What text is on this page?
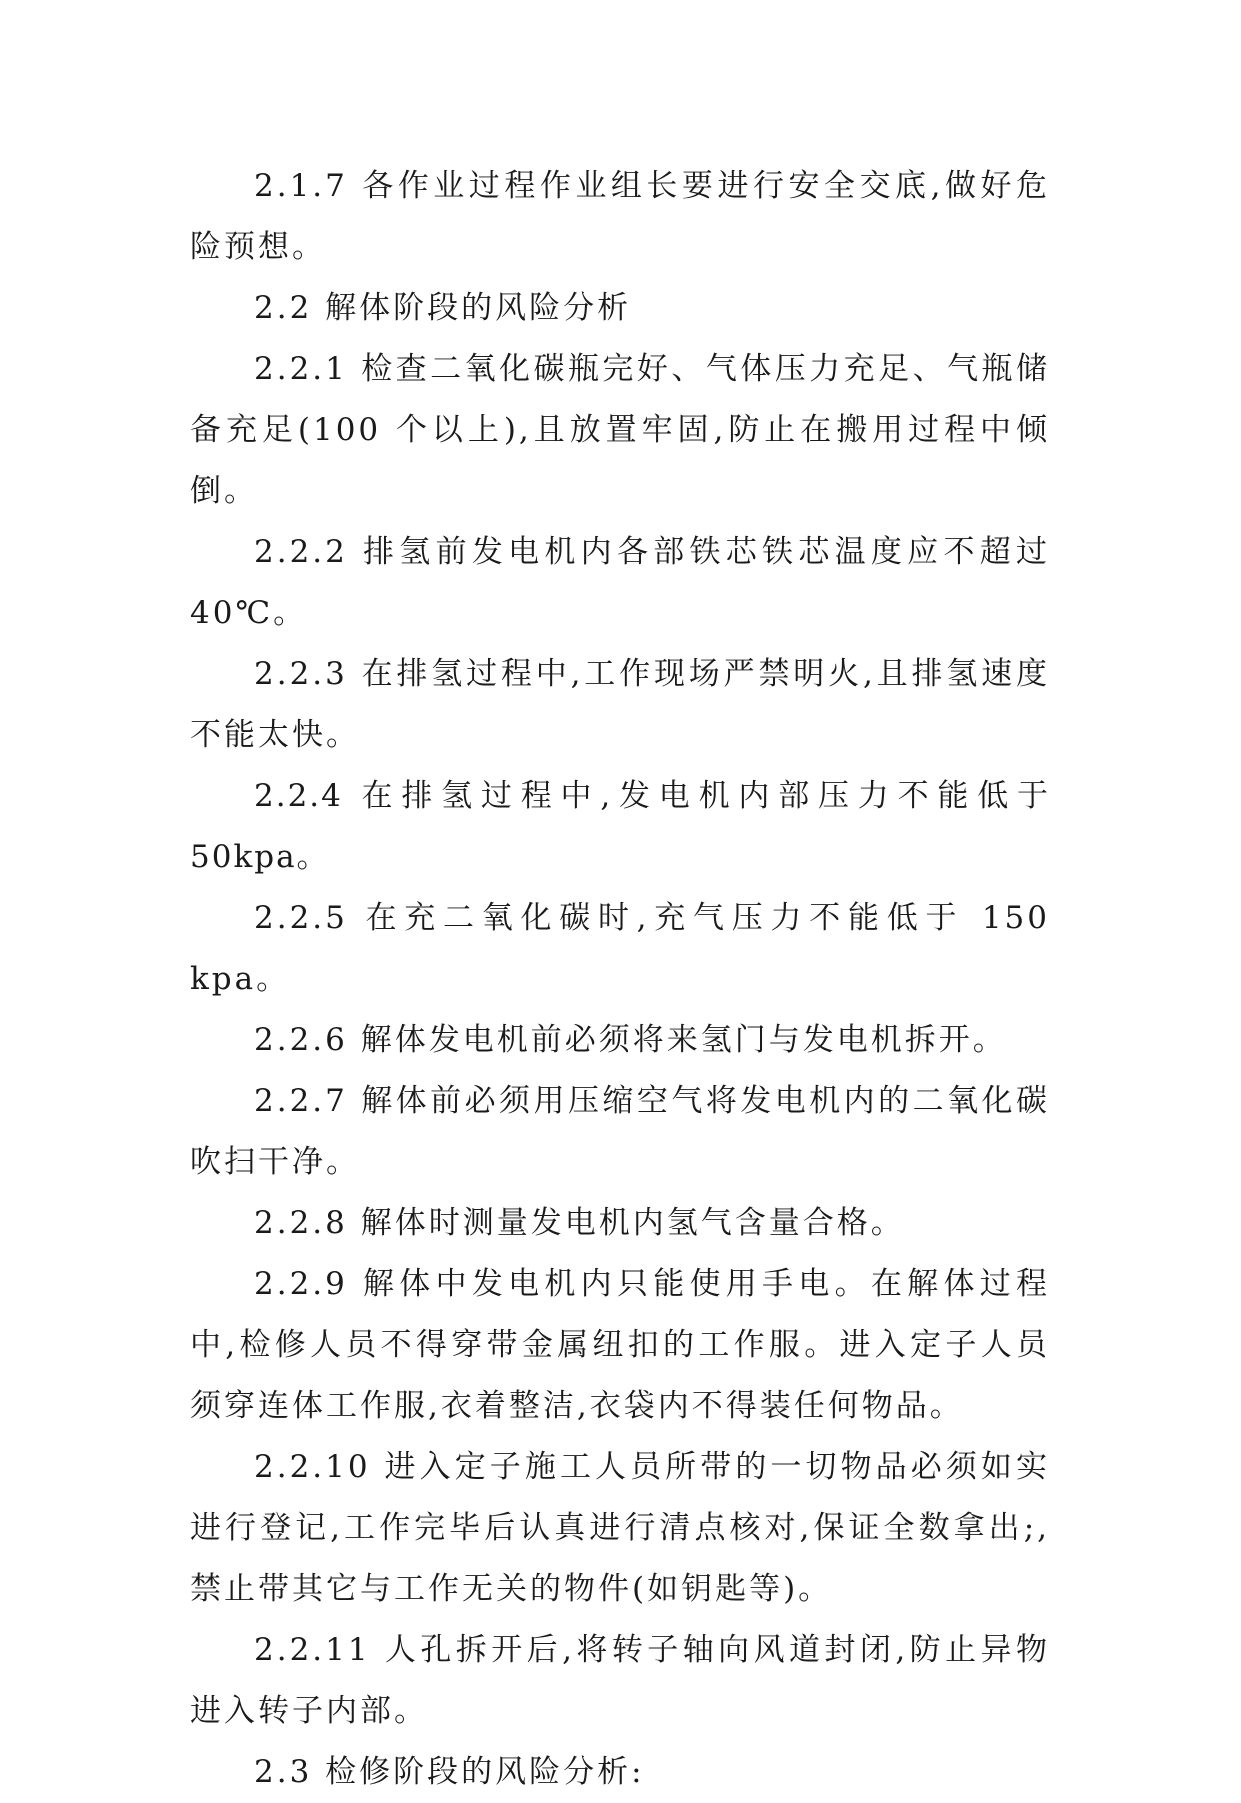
2.1.7 各作业过程作业组长要进行安全交底,做好危险预想。

2.2 解体阶段的风险分析

2.2.1 检查二氧化碳瓶完好、气体压力充足、气瓶储备充足(100 个以上),且放置牢固,防止在搬用过程中倾倒。

2.2.2 排氢前发电机内各部铁芯铁芯温度应不超过40℃。

2.2.3 在排氢过程中,工作现场严禁明火,且排氢速度不能太快。

2.2.4 在排氢过程中,发电机内部压力不能低于 50kpa。

2.2.5 在充二氧化碳时,充气压力不能低于 150 kpa。

2.2.6 解体发电机前必须将来氢门与发电机拆开。

2.2.7 解体前必须用压缩空气将发电机内的二氧化碳吹扫干净。

2.2.8 解体时测量发电机内氢气含量合格。

2.2.9 解体中发电机内只能使用手电。在解体过程中,检修人员不得穿带金属纽扣的工作服。进入定子人员须穿连体工作服,衣着整洁,衣袋内不得装任何物品。

2.2.10 进入定子施工人员所带的一切物品必须如实进行登记,工作完毕后认真进行清点核对,保证全数拿出;,禁止带其它与工作无关的物件(如钥匙等)。

2.2.11 人孔拆开后,将转子轴向风道封闭,防止异物进入转子内部。

2.3 检修阶段的风险分析:
